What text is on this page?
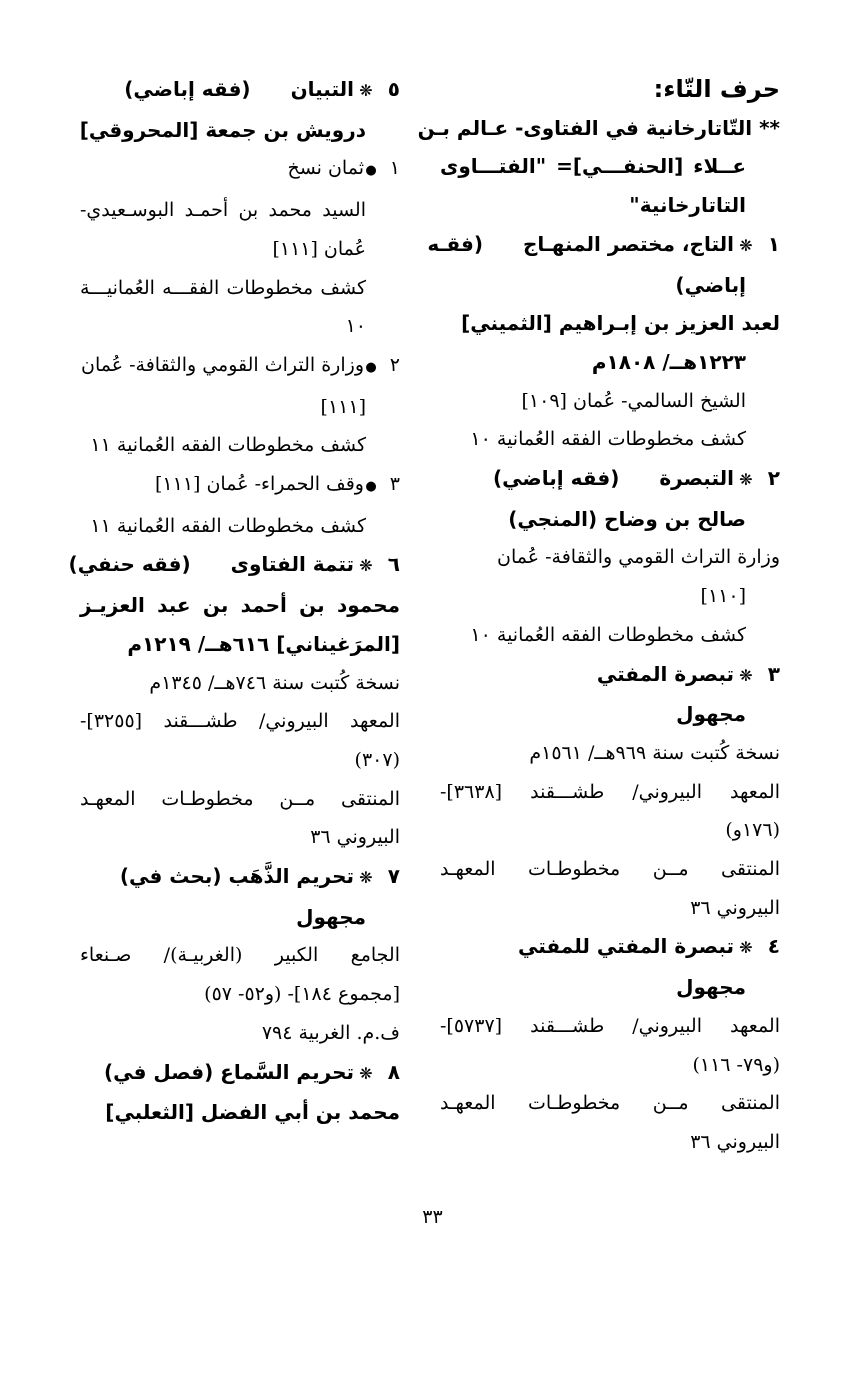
حرف التّاء:
** التّاتارخانية في الفتاوى- عـالم بـن
عــلاء [الحنفـــي]= "الفتـــاوى
التاتارخانية"
١
❋
التاج، مختصر المنهـاج(فقـه
إباضي)
لعبد العزيز بن إبـراهيم [الثميني]
١٢٢٣هــ/ ١٨٠٨م
الشيخ السالمي- عُمان [١٠٩]
كشف مخطوطات الفقه العُمانية ١٠
٢
❋
التبصرة(فقه إباضي)
صالح بن وضاح (المنجي)
وزارة التراث القومي والثقافة- عُمان
[١١٠]
كشف مخطوطات الفقه العُمانية ١٠
٣
❋
تبصرة المفتي
مجهول
نسخة كُتبت سنة ٩٦٩هــ/ ١٥٦١م
المعهد البيروني/ طشـــقند [٣٦٣٨]-
(١٧٦و)
المنتقى مــن مخطوطـات المعهـد
البيروني ٣٦
٤
❋
تبصرة المفتي للمفتي
مجهول
المعهد البيروني/ طشـــقند [٥٧٣٧]-
(و٧٩- ١١٦)
المنتقى مــن مخطوطـات المعهـد
البيروني ٣٦
٥
❋
التبيان(فقه إباضي)
درويش بن جمعة [المحروقي]
١
●
ثمان نسخ
السيد محمد بن أحمـد البوسـعيدي-
عُمان [١١١]
كشف مخطوطات الفقـــه العُمانيـــة
١٠
٢
●
وزارة التراث القومي والثقافة- عُمان
[١١١]
كشف مخطوطات الفقه العُمانية ١١
٣
●
وقف الحمراء- عُمان [١١١]
كشف مخطوطات الفقه العُمانية ١١
٦
❋
تتمة الفتاوى(فقه حنفي)
محمود بن أحمد بن عبد العزيـز
[المرَغيناني] ٦١٦هــ/ ١٢١٩م
نسخة كُتبت سنة ٧٤٦هــ/ ١٣٤٥م
المعهد البيروني/ طشـــقند [٣٢٥٥]-
(٣٠٧)
المنتقى مــن مخطوطـات المعهـد
البيروني ٣٦
٧
❋
تحريم الذَّهَب (بحث في)
مجهول
الجامع الكبير (الغربيـة)/ صـنعاء
[مجموع ١٨٤]- (و٥٢- ٥٧)
ف.م. الغربية ٧٩٤
٨
❋
تحريم السَّماع (فصل في)
محمد بن أبي الفضل [الثعلبي]
٣٣
